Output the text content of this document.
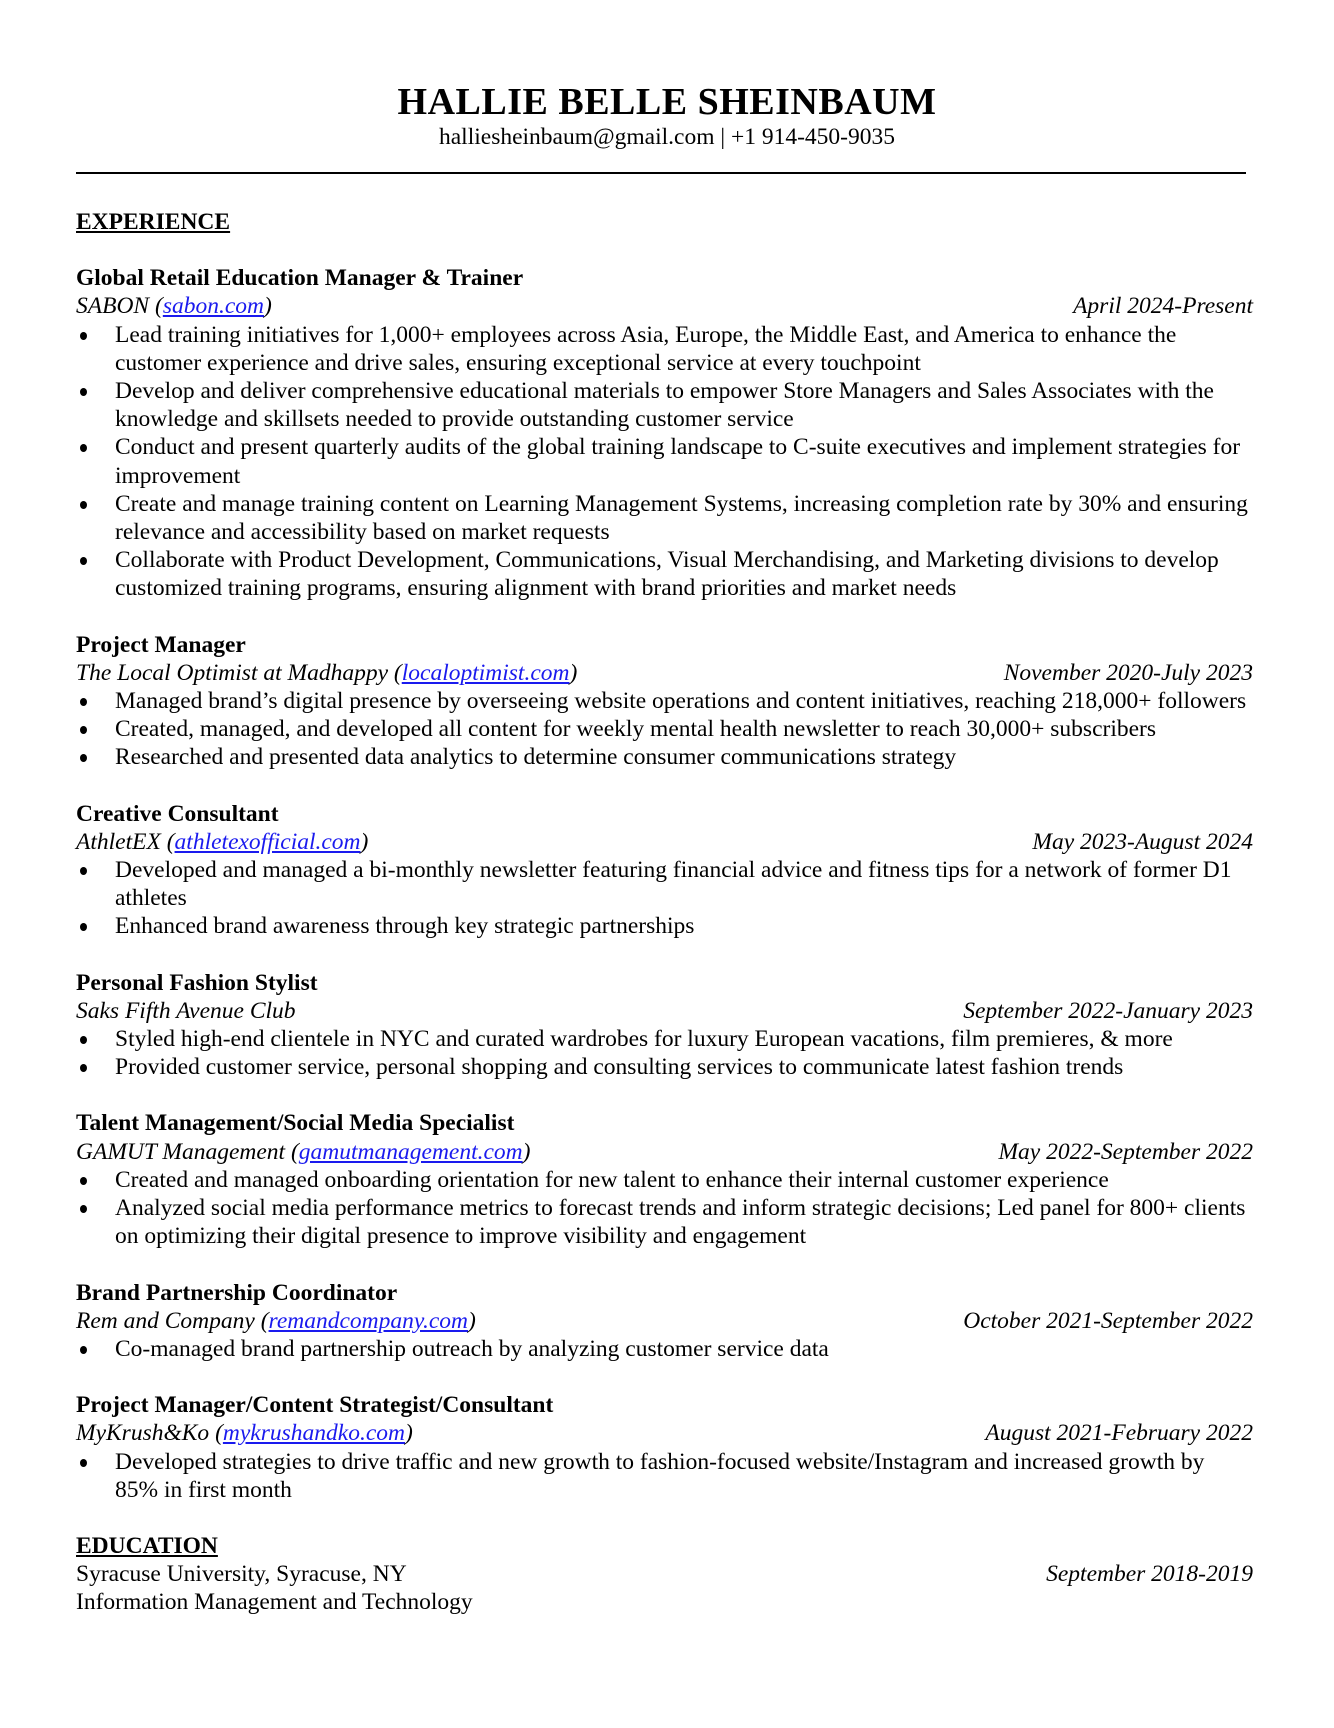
HALLIE BELLE SHEINBAUM
halliesheinbaum@gmail.com | +1 914-450-9035
EXPERIENCE
Global Retail Education Manager & Trainer
SABON (sabon.com)	April 2024-Present
Lead training initiatives for 1,000+ employees across Asia, Europe, the Middle East, and America to enhance the customer experience and drive sales, ensuring exceptional service at every touchpoint
Develop and deliver comprehensive educational materials to empower Store Managers and Sales Associates with the knowledge and skillsets needed to provide outstanding customer service
Conduct and present quarterly audits of the global training landscape to C-suite executives and implement strategies for improvement
Create and manage training content on Learning Management Systems, increasing completion rate by 30% and ensuring relevance and accessibility based on market requests
Collaborate with Product Development, Communications, Visual Merchandising, and Marketing divisions to develop customized training programs, ensuring alignment with brand priorities and market needs
Project Manager
The Local Optimist at Madhappy (localoptimist.com)	November 2020-July 2023
Managed brand’s digital presence by overseeing website operations and content initiatives, reaching 218,000+ followers
Created, managed, and developed all content for weekly mental health newsletter to reach 30,000+ subscribers
Researched and presented data analytics to determine consumer communications strategy
Creative Consultant
AthletEX (athletexofficial.com)	May 2023-August 2024
Developed and managed a bi-monthly newsletter featuring financial advice and fitness tips for a network of former D1 athletes
Enhanced brand awareness through key strategic partnerships
Personal Fashion Stylist
Saks Fifth Avenue Club	September 2022-January 2023
Styled high-end clientele in NYC and curated wardrobes for luxury European vacations, film premieres, & more
Provided customer service, personal shopping and consulting services to communicate latest fashion trends
Talent Management/Social Media Specialist
GAMUT Management (gamutmanagement.com)	May 2022-September 2022
Created and managed onboarding orientation for new talent to enhance their internal customer experience
Analyzed social media performance metrics to forecast trends and inform strategic decisions; Led panel for 800+ clients on optimizing their digital presence to improve visibility and engagement
Brand Partnership Coordinator
Rem and Company (remandcompany.com)	October 2021-September 2022
Co-managed brand partnership outreach by analyzing customer service data
Project Manager/Content Strategist/Consultant
MyKrush&Ko (mykrushandko.com)	August 2021-February 2022
Developed strategies to drive traffic and new growth to fashion-focused website/Instagram and increased growth by 85% in first month
EDUCATION
Syracuse University, Syracuse, NY	September 2018-2019
Information Management and Technology
